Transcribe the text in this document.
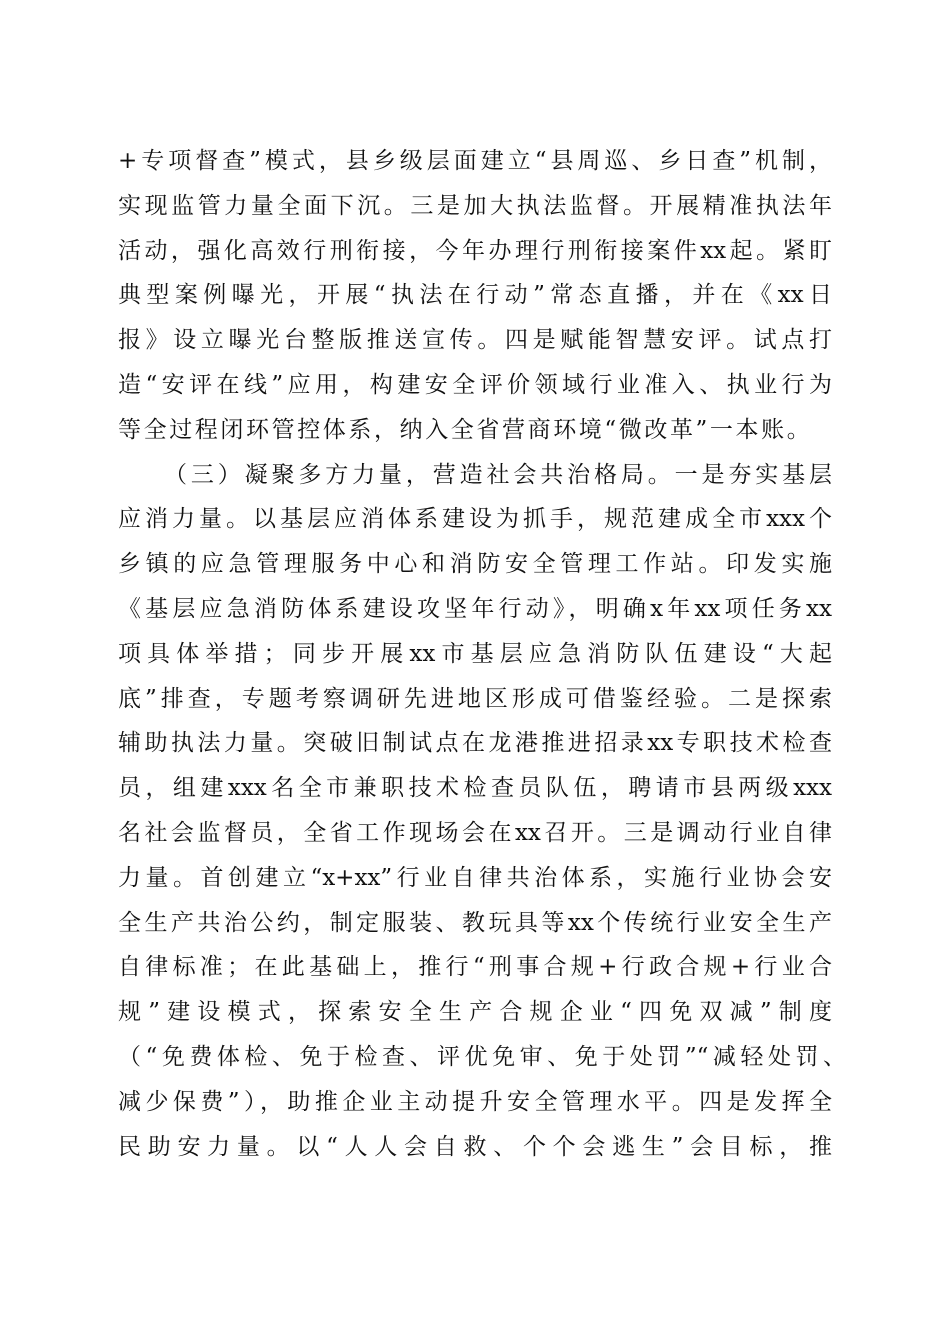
+专项督查”模式，县乡级层面建立“县周巡、乡日查”机制，
实现监管力量全面下沉。三是加大执法监督。开展精准执法年
活动，强化高效行刑衔接，今年办理行刑衔接案件xx起。紧盯
典型案例曝光，开展“执法在行动”常态直播，并在《xx日
报》设立曝光台整版推送宣传。四是赋能智慧安评。试点打
造“安评在线”应用，构建安全评价领域行业准入、执业行为
等全过程闭环管控体系，纳入全省营商环境“微改革”一本账。
（三）凝聚多方力量，营造社会共治格局。一是夯实基层
应消力量。以基层应消体系建设为抓手，规范建成全市xxx个
乡镇的应急管理服务中心和消防安全管理工作站。印发实施
《基层应急消防体系建设攻坚年行动》，明确x年xx项任务xx
项具体举措；同步开展xx市基层应急消防队伍建设“大起
底”排查，专题考察调研先进地区形成可借鉴经验。二是探索
辅助执法力量。突破旧制试点在龙港推进招录xx专职技术检查
员，组建xxx名全市兼职技术检查员队伍，聘请市县两级xxx
名社会监督员，全省工作现场会在xx召开。三是调动行业自律
力量。首创建立“x+xx”行业自律共治体系，实施行业协会安
全生产共治公约，制定服装、教玩具等xx个传统行业安全生产
自律标准；在此基础上，推行“刑事合规+行政合规+行业合
规”建设模式，探索安全生产合规企业“四免双减”制度
（“免费体检、免于检查、评优免审、免于处罚”“减轻处罚、
减少保费”），助推企业主动提升安全管理水平。四是发挥全
民助安力量。以“人人会自救、个个会逃生”会目标，推
